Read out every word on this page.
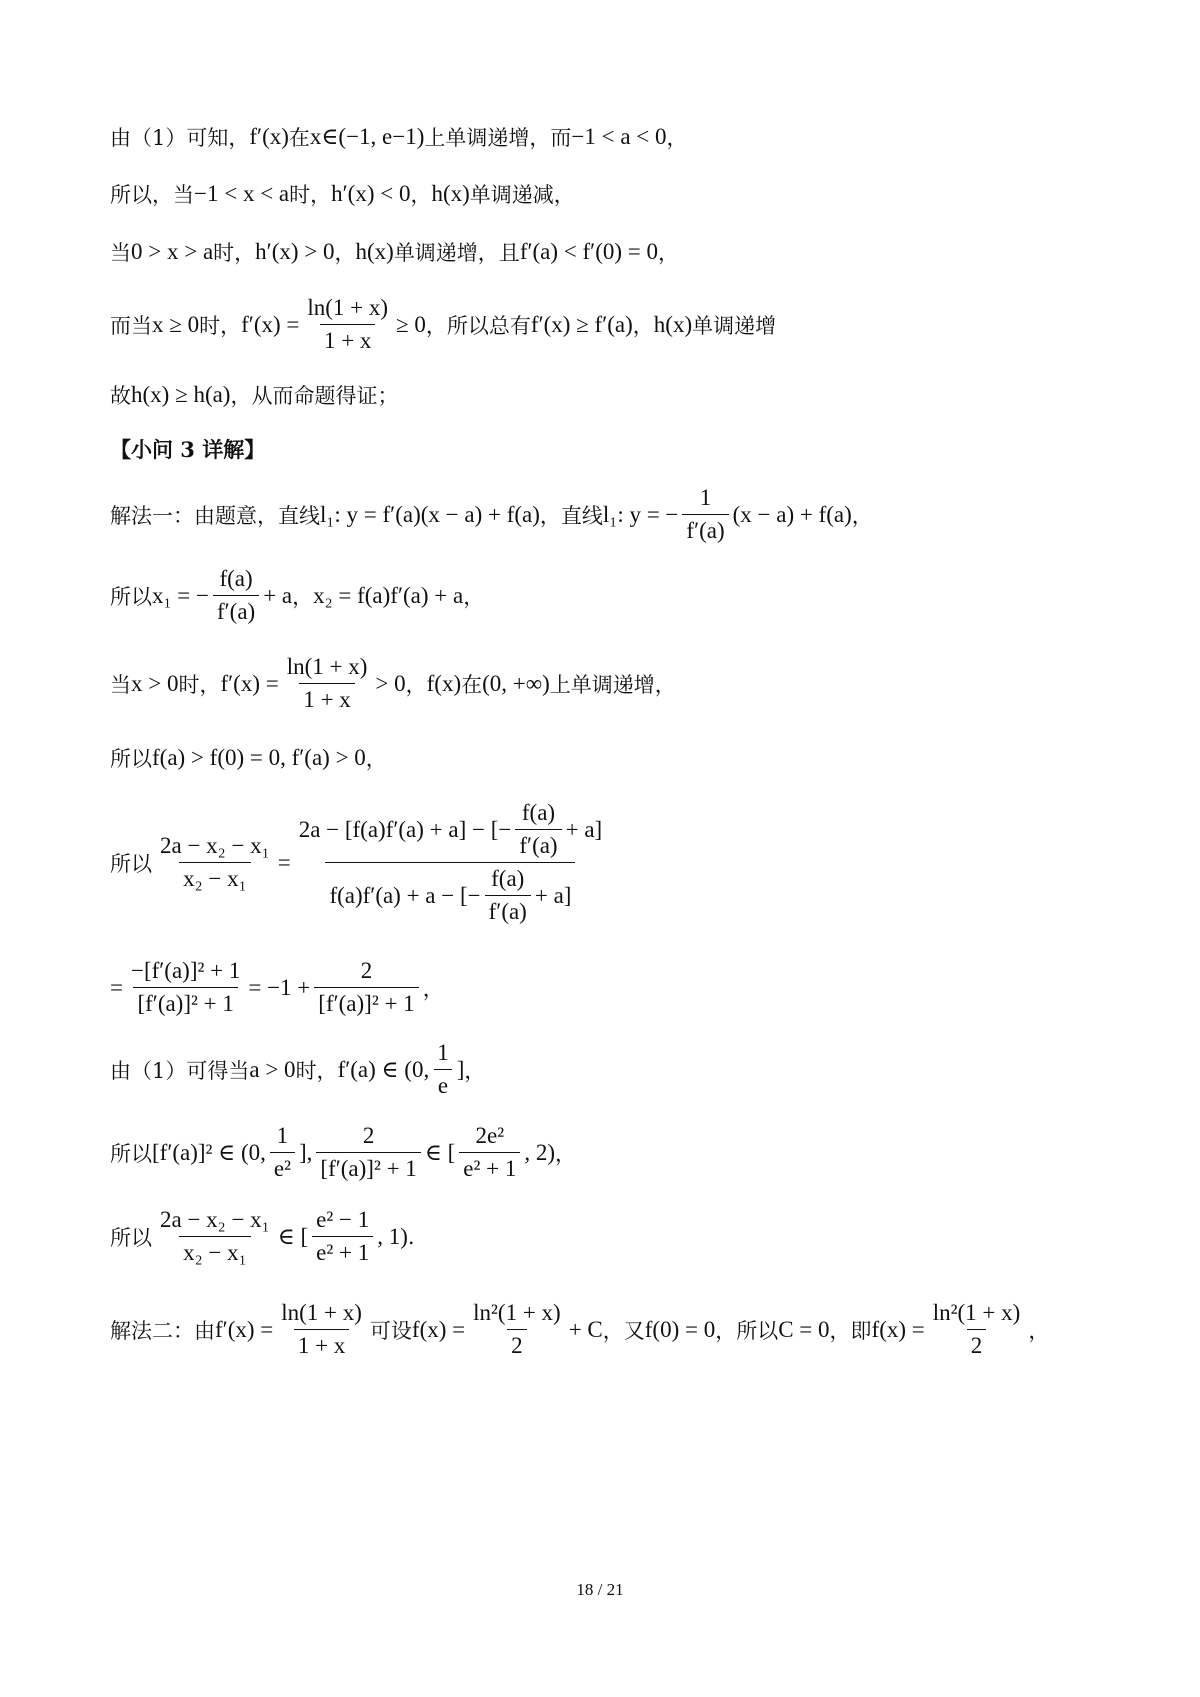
由（1）可知， f′(x) 在 x∈(−1, e−1) 上单调递增，而 −1 < a < 0 ，
所以，当 −1 < x < a 时， h′(x) < 0 ， h(x) 单调递减，
当 0 > x > a 时， h′(x) > 0 ， h(x) 单调递增，且 f′(a) < f′(0) = 0 ，
而当 x ≥ 0 时， $f'(x) = \frac{\ln(1 + x)}{1 + x} \ge 0$ ，所以总有 f′(x) ≥ f′(a) ， h(x) 单调递增
故 h(x) ≥ h(a) ，从而命题得证；
【小问 3 详解】
解法一：由题意，直线 l₁: y = f′(a)(x − a) + f(a) ，直线 l₁: y = − $\frac{1}{f'(a)} (x - a) + f(a)$ ，
所以 x₁ = − $\frac{f(a)}{f'(a)} + a$ ， x₂ = f(a)f′(a) + a ，
当 x > 0 时， $f'(x) = \frac{\ln(1 + x)}{1 + x} > 0$ ， f(x) 在 (0, +∞) 上单调递增，
所以 f(a) > f(0) = 0, f′(a) > 0 ，
所以 $\frac{\text{2a − x₂ − x₁}}{\text{x₂ − x₁}}$ =
2a − [f(a)f′(a) + a] − [− $\frac{f(a)}{f'(a)} + a$]
f(a)f′(a) + a − [− $\frac{f(a)}{f'(a)} + a$]
= $\frac{\text{−[f′(a)]² + 1}}{\text{[f′(a)]² + 1}} = -1 + \frac{2}{\text{[f′(a)]² + 1}}$ ，
由（1）可得当 a > 0 时， f′(a) ∈ (0, $\frac{1}{e}$ ] ，
所以 [f′(a)]² ∈ (0, $\frac{1}{\text{e²}}$ ], $\frac{2}{\text{[f′(a)]² + 1}}$ ∈ [ $\frac{\text{2e²}}{\text{e² + 1}}$ , 2) ，
所以 $\frac{\text{2a − x₂ − x₁}}{\text{x₂ − x₁}}$ ∈ [ $\frac{\text{e² − 1}}{\text{e² + 1}}$ , 1) .
解法二：由 $f'(x) = \frac{\ln(1 + x)}{1 + x}$ 可设 $f(x) = \frac{\text{ln²(1 + x)}}{2} + C$ ，又 f(0) = 0 ，所以 C = 0 ，即 $f(x) = \frac{\text{ln²(1 + x)}}{2}$ ，
18 / 21
